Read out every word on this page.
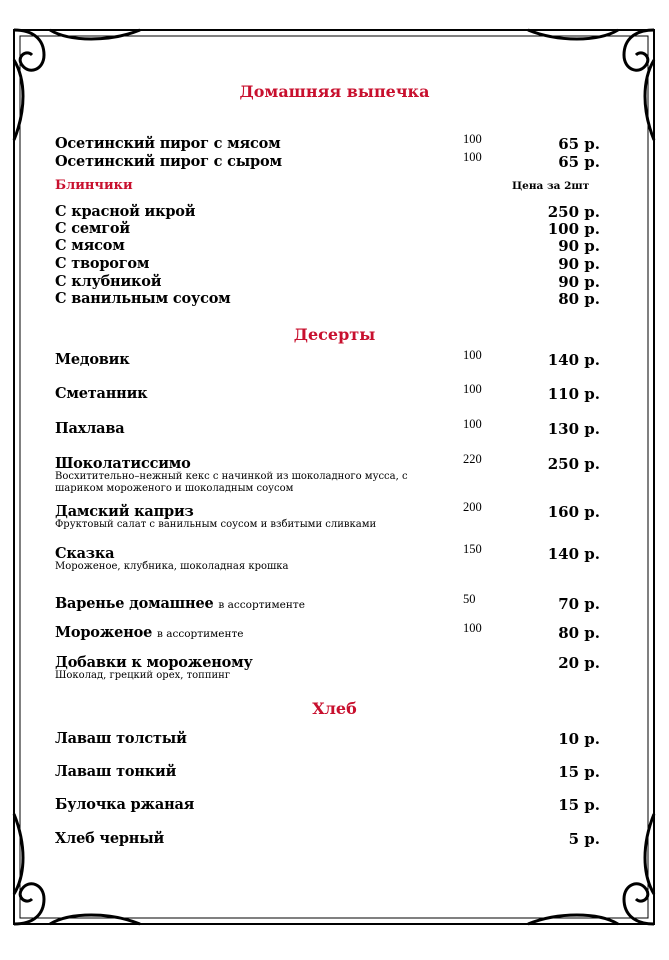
Домашняя выпечка
Десерты
Хлеб
Блинчики	Цена за 2шт
Осетинский пирог с мясом	100	65 р.
Осетинский пирог с сыром	100	65 р.
С красной икрой	250 р.
С семгой	100 р.
С мясом	90 р.
С творогом	90 р.
С клубникой	90 р.
С ванильным соусом	80 р.
Медовик	100	140 р.
Сметанник	100	110 р.
Пахлава	100	130 р.
Шоколатиссимо	220	250 р.
Восхитительно–нежный кекс с начинкой из шоколадного мусса, с шариком мороженого и шоколадным соусом
Дамский каприз	200	160 р.
Фруктовый салат с ванильным соусом и взбитыми сливками
Сказка	150	140 р.
Мороженое, клубника, шоколадная крошка
Варенье домашнее в ассортименте	50	70 р.
Мороженое в ассортименте	100	80 р.
Добавки к мороженому	20 р.
Шоколад, грецкий орех, топпинг
Лаваш толстый	10 р.
Лаваш тонкий	15 р.
Булочка ржаная	15 р.
Хлеб черный	5 р.
